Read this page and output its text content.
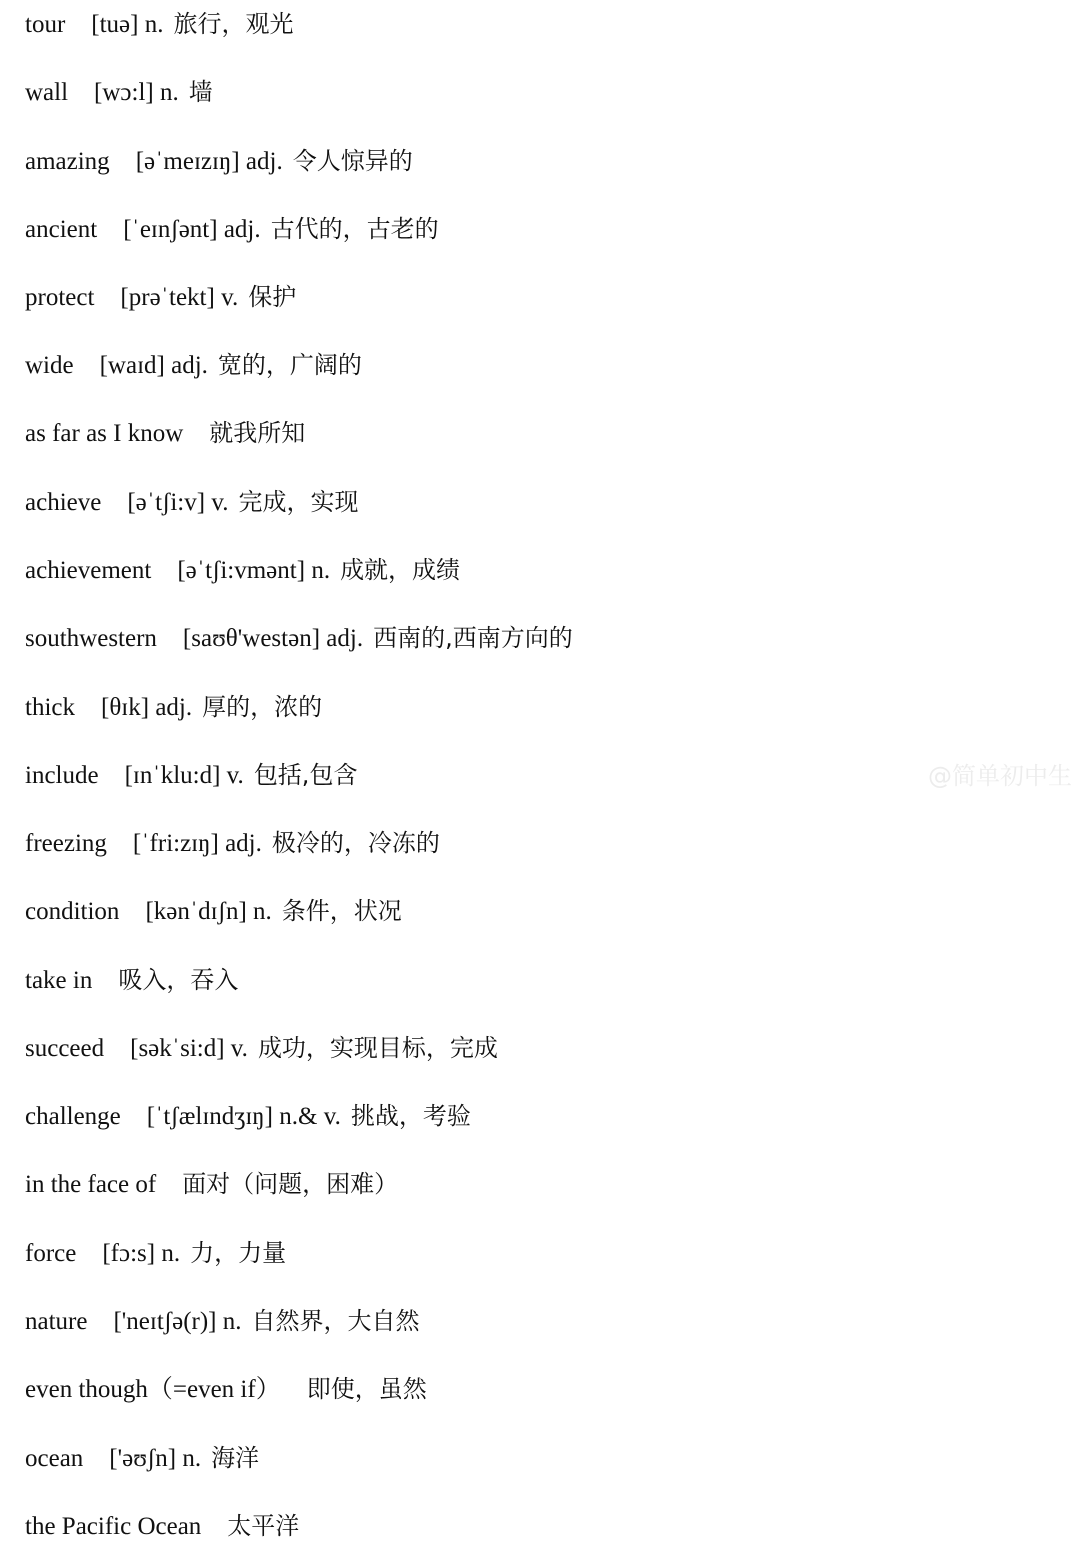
tour [tuə] n. 旅行，观光
wall [wɔ:l] n. 墙
amazing [əˈmeɪzɪŋ] adj. 令人惊异的
ancient [ˈeɪnʃənt] adj. 古代的，古老的
protect [prəˈtekt] v. 保护
wide [waɪd] adj. 宽的，广阔的
as far as I know 就我所知
achieve [əˈtʃi:v] v. 完成，实现
achievement [əˈtʃi:vmənt] n. 成就，成绩
southwestern [saʊθ'westən] adj. 西南的,西南方向的
thick [θɪk] adj. 厚的，浓的
include [ɪnˈklu:d] v. 包括,包含
freezing [ˈfri:zɪŋ] adj. 极冷的，冷冻的
condition [kənˈdɪʃn] n. 条件，状况
take in 吸入，吞入
succeed [səkˈsi:d] v. 成功，实现目标，完成
challenge [ˈtʃælɪndʒɪŋ] n.& v. 挑战，考验
in the face of 面对（问题，困难）
force [fɔ:s] n. 力，力量
nature ['neɪtʃə(r)] n. 自然界，大自然
even though（=even if） 即使，虽然
ocean ['əʊʃn] n. 海洋
the Pacific Ocean 太平洋
@简单初中生
